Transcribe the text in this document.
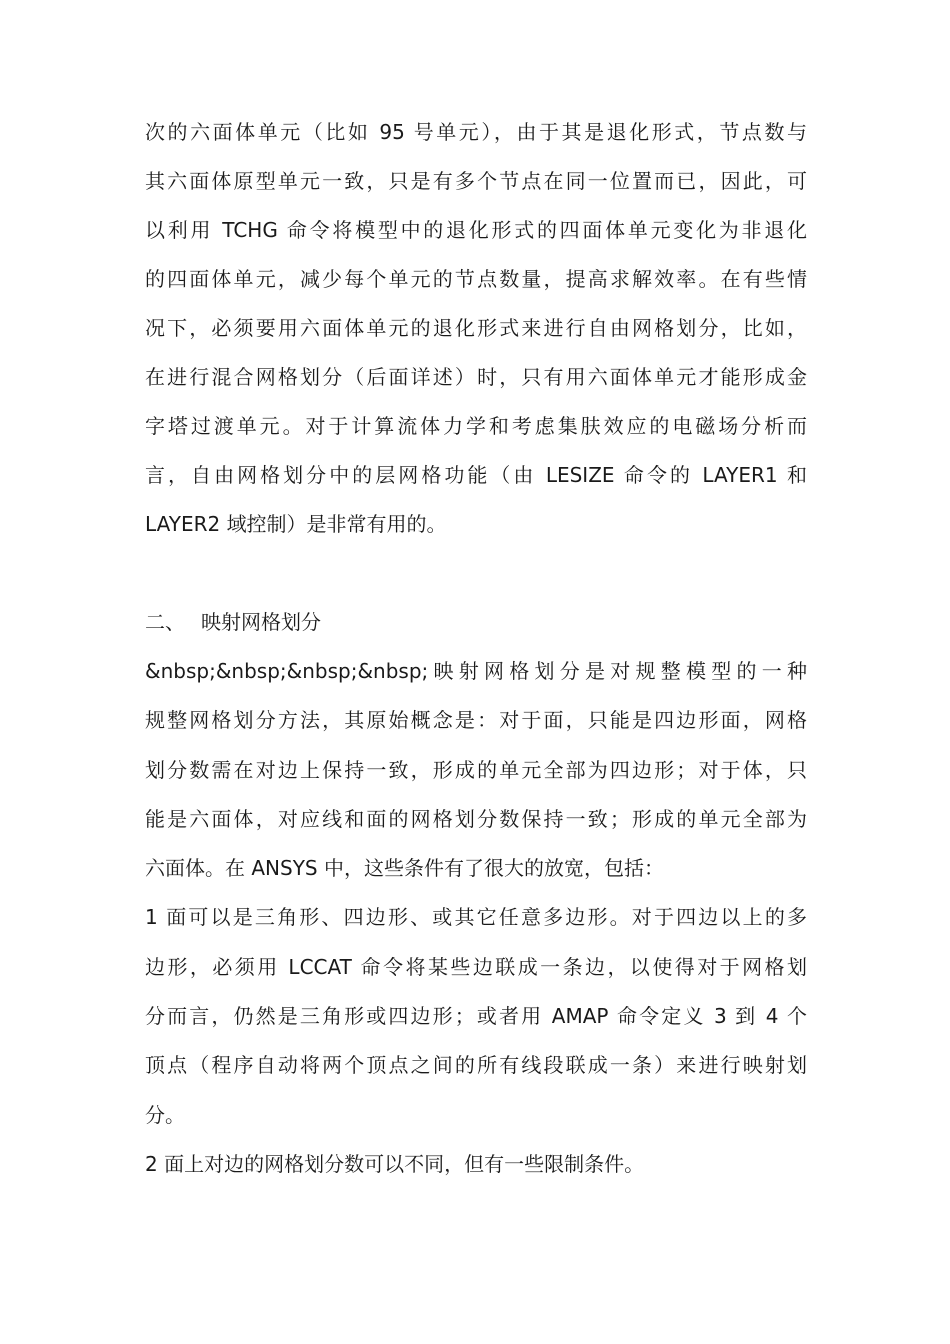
次的六面体单元（比如 95 号单元），由于其是退化形式，节点数与
其六面体原型单元一致，只是有多个节点在同一位置而已，因此，可
以利用 TCHG 命令将模型中的退化形式的四面体单元变化为非退化
的四面体单元，减少每个单元的节点数量，提高求解效率。在有些情
况下，必须要用六面体单元的退化形式来进行自由网格划分，比如，
在进行混合网格划分（后面详述）时，只有用六面体单元才能形成金
字塔过渡单元。对于计算流体力学和考虑集肤效应的电磁场分析而
言，自由网格划分中的层网格功能（由 LESIZE 命令的 LAYER1 和
LAYER2 域控制）是非常有用的。
二、 映射网格划分
&nbsp;&nbsp;&nbsp;&nbsp;映射网格划分是对规整模型的一种
规整网格划分方法，其原始概念是：对于面，只能是四边形面，网格
划分数需在对边上保持一致，形成的单元全部为四边形；对于体，只
能是六面体，对应线和面的网格划分数保持一致；形成的单元全部为
六面体。在 ANSYS 中，这些条件有了很大的放宽，包括：
1 面可以是三角形、四边形、或其它任意多边形。对于四边以上的多
边形，必须用 LCCAT 命令将某些边联成一条边，以使得对于网格划
分而言，仍然是三角形或四边形；或者用 AMAP 命令定义 3 到 4 个
顶点（程序自动将两个顶点之间的所有线段联成一条）来进行映射划
分。
2 面上对边的网格划分数可以不同，但有一些限制条件。
